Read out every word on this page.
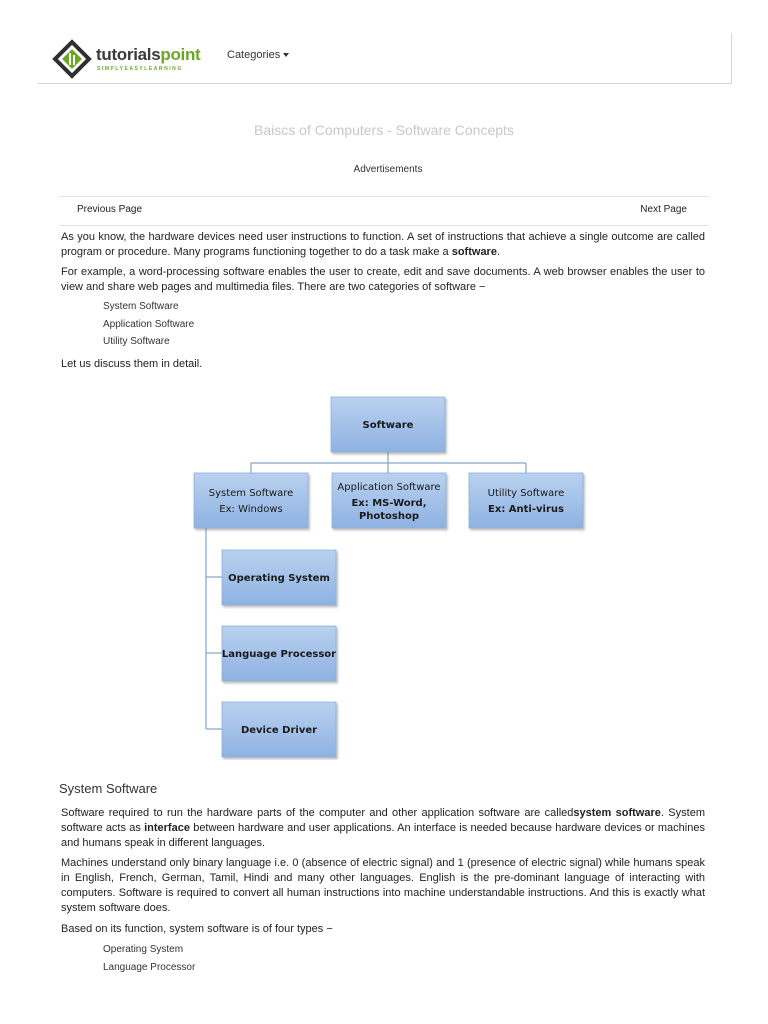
tutorialspoint
SIMPLYEASYLEARNING
Categories
Baiscs of Computers - Software Concepts
Advertisements
Previous Page	Next Page

As you know, the hardware devices need user instructions to function. A set of instructions that achieve a single outcome are called program or procedure. Many programs functioning together to do a task make a software.

For example, a word-processing software enables the user to create, edit and save documents. A web browser enables the user to view and share web pages and multimedia files. There are two categories of software −

System Software
Application Software
Utility Software

Let us discuss them in detail.

Software
System Software
Ex: Windows
Application Software
Ex: MS-Word,
Photoshop
Utility Software
Ex: Anti-virus
Operating System
Language Processor
Device Driver
System Software

Software required to run the hardware parts of the computer and other application software are calledsystem software. System software acts as interface between hardware and user applications. An interface is needed because hardware devices or machines and humans speak in different languages.

Machines understand only binary language i.e. 0 (absence of electric signal) and 1 (presence of electric signal) while humans speak in English, French, German, Tamil, Hindi and many other languages. English is the pre-dominant language of interacting with computers. Software is required to convert all human instructions into machine understandable instructions. And this is exactly what system software does.

Based on its function, system software is of four types −

Operating System
Language Processor
